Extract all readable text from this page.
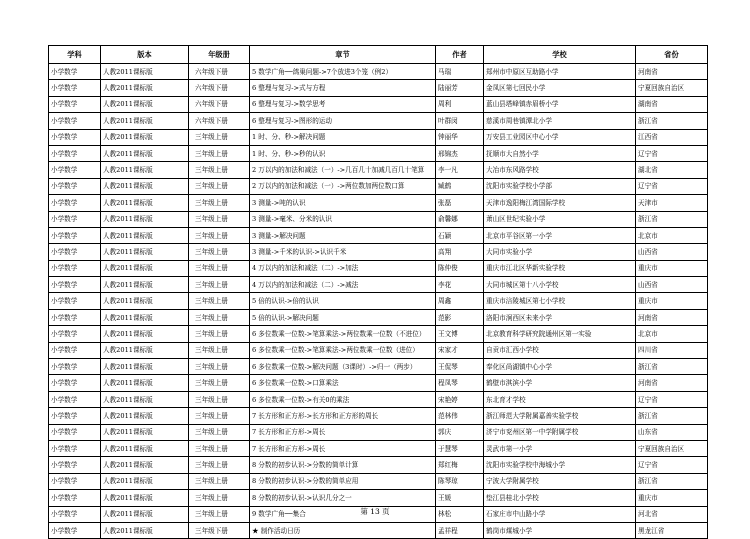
学科	版本	年级册	章节	作者	学校	省份
小学数学	人教2011课标版	六年级下册	5 数学广角──鸽巢问题->7个放进3个笼（例2）	马瑞	郑州市中原区互助路小学	河南省
小学数学	人教2011课标版	六年级下册	6 整理与复习->式与方程	陆丽芳	金凤区第七回民小学	宁夏回族自治区
小学数学	人教2011课标版	六年级下册	6 整理与复习->数学思考	周利	蓝山县塔峰镇赤眉桥小学	湖南省
小学数学	人教2011课标版	六年级下册	6 整理与复习->图形的运动	叶群闵	慈溪市周巷镇潭北小学	浙江省
小学数学	人教2011课标版	三年级上册	1 时、分、秒->解决问题	钟丽华	万安县工业园区中心小学	江西省
小学数学	人教2011课标版	三年级上册	1 时、分、秒->秒的认识	邢锦杰	抚顺市大自然小学	辽宁省
小学数学	人教2011课标版	三年级上册	2 万以内的加法和减法（一）->几百几十加减几百几十笔算	李一凡	大冶市东风路学校	湖北省
小学数学	人教2011课标版	三年级上册	2 万以内的加法和减法（一）->两位数加两位数口算	臧鹤	沈阳市实验学校小学部	辽宁省
小学数学	人教2011课标版	三年级上册	3 测量->吨的认识	张磊	天津市逸阳梅江湾国际学校	天津市
小学数学	人教2011课标版	三年级上册	3 测量->毫米、分米的认识	俞馨娜	萧山区世纪实验小学	浙江省
小学数学	人教2011课标版	三年级上册	3 测量->解决问题	石颖	北京市平谷区第一小学	北京市
小学数学	人教2011课标版	三年级上册	3 测量->千米的认识->认识千米	高翔	大同市实验小学	山西省
小学数学	人教2011课标版	三年级上册	4 万以内的加法和减法（二）->加法	陈仲俊	重庆市江北区华新实验学校	重庆市
小学数学	人教2011课标版	三年级上册	4 万以内的加法和减法（二）->减法	李花	大同市城区第十八小学校	山西省
小学数学	人教2011课标版	三年级上册	5 倍的认识->倍的认识	周鑫	重庆市涪陵城区第七小学校	重庆市
小学数学	人教2011课标版	三年级上册	5 倍的认识->解决问题	范影	洛阳市涧西区未来小学	河南省
小学数学	人教2011课标版	三年级上册	6 多位数乘一位数->笔算乘法->两位数乘一位数（不进位）	王文博	北京教育科学研究院通州区第一实验	北京市
小学数学	人教2011课标版	三年级上册	6 多位数乘一位数->笔算乘法->两位数乘一位数（进位）	宋家才	自贡市汇西小学校	四川省
小学数学	人教2011课标版	三年级上册	6 多位数乘一位数->解决问题（3课时）->归一（两步）	王侃琴	奉化区尚湖镇中心小学	浙江省
小学数学	人教2011课标版	三年级上册	6 多位数乘一位数->口算乘法	程凤琴	鹤壁市淇滨小学	河南省
小学数学	人教2011课标版	三年级上册	6 多位数乘一位数->有关0的乘法	宋艳婷	东北育才学校	辽宁省
小学数学	人教2011课标版	三年级上册	7 长方形和正方形->长方形和正方形的周长	范林伟	浙江师范大学附属嘉善实验学校	浙江省
小学数学	人教2011课标版	三年级上册	7 长方形和正方形->周长	郭庆	济宁市兖州区第一中学附属学校	山东省
小学数学	人教2011课标版	三年级上册	7 长方形和正方形->周长	于慧琴	灵武市第一小学	宁夏回族自治区
小学数学	人教2011课标版	三年级上册	8 分数的初步认识->分数的简单计算	郑红梅	沈阳市实验学校中海城小学	辽宁省
小学数学	人教2011课标版	三年级上册	8 分数的初步认识->分数的简单应用	陈琴琼	宁波大学附属学校	浙江省
小学数学	人教2011课标版	三年级上册	8 分数的初步认识->认识几分之一	王媛	垫江县桂北小学校	重庆市
小学数学	人教2011课标版	三年级上册	9 数学广角──集合	林松	石家庄市中山路小学	河北省
小学数学	人教2011课标版	三年级下册	★ 制作活动日历	孟祥程	鹤岗市煤城小学	黑龙江省
第 13 页
